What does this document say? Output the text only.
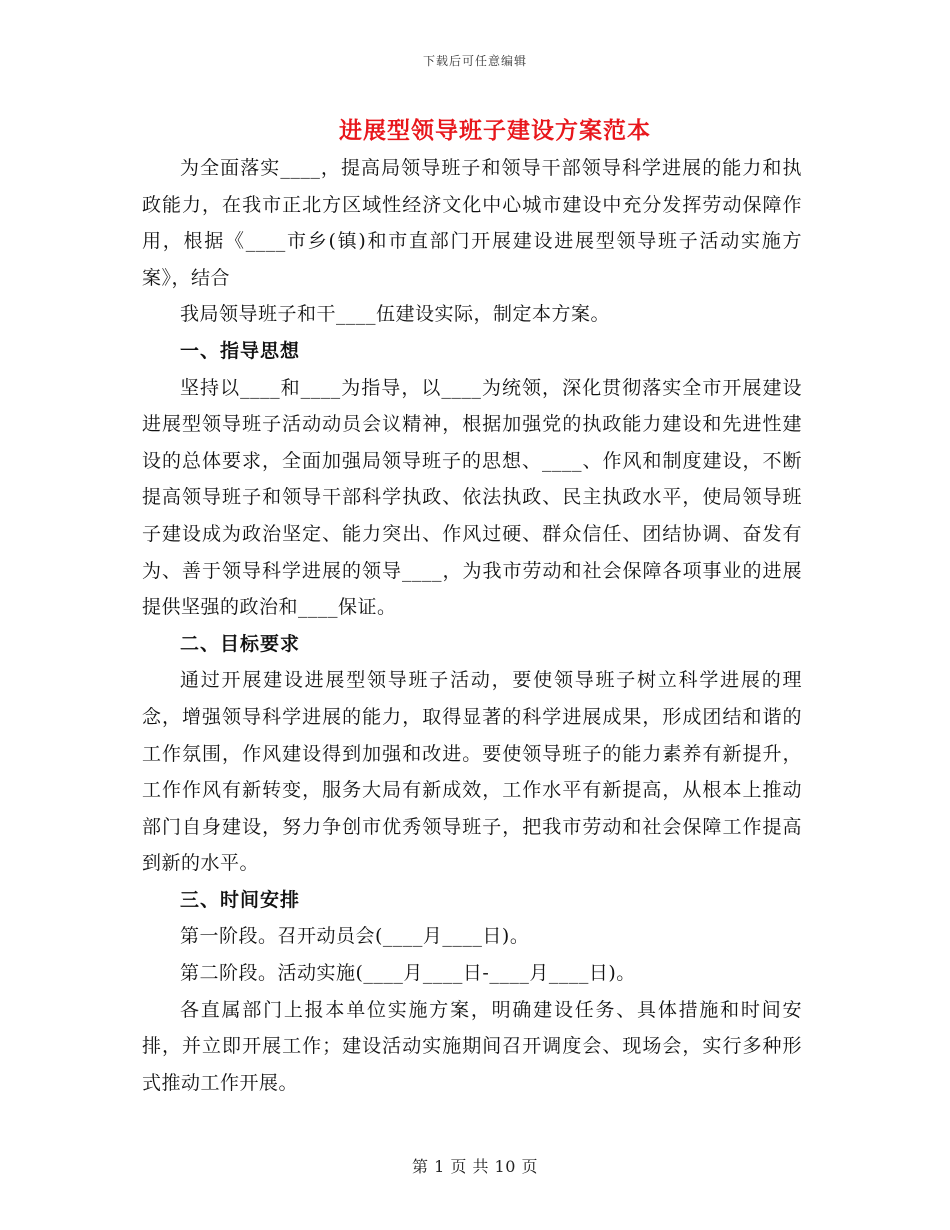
下载后可任意编辑
进展型领导班子建设方案范本

为全面落实____，提高局领导班子和领导干部领导科学进展的能力和执政能力，在我市正北方区域性经济文化中心城市建设中充分发挥劳动保障作用，根据《____市乡(镇)和市直部门开展建设进展型领导班子活动实施方案》，结合

我局领导班子和干____伍建设实际，制定本方案。

一、指导思想

坚持以____和____为指导，以____为统领，深化贯彻落实全市开展建设进展型领导班子活动动员会议精神，根据加强党的执政能力建设和先进性建设的总体要求，全面加强局领导班子的思想、____、作风和制度建设，不断提高领导班子和领导干部科学执政、依法执政、民主执政水平，使局领导班子建设成为政治坚定、能力突出、作风过硬、群众信任、团结协调、奋发有为、善于领导科学进展的领导____，为我市劳动和社会保障各项事业的进展提供坚强的政治和____保证。

二、目标要求

通过开展建设进展型领导班子活动，要使领导班子树立科学进展的理念，增强领导科学进展的能力，取得显著的科学进展成果，形成团结和谐的工作氛围，作风建设得到加强和改进。要使领导班子的能力素养有新提升，工作作风有新转变，服务大局有新成效，工作水平有新提高，从根本上推动部门自身建设，努力争创市优秀领导班子，把我市劳动和社会保障工作提高到新的水平。

三、时间安排

第一阶段。召开动员会(____月____日)。

第二阶段。活动实施(____月____日-____月____日)。

各直属部门上报本单位实施方案，明确建设任务、具体措施和时间安排，并立即开展工作；建设活动实施期间召开调度会、现场会，实行多种形式推动工作开展。

第 1 页 共 10 页
